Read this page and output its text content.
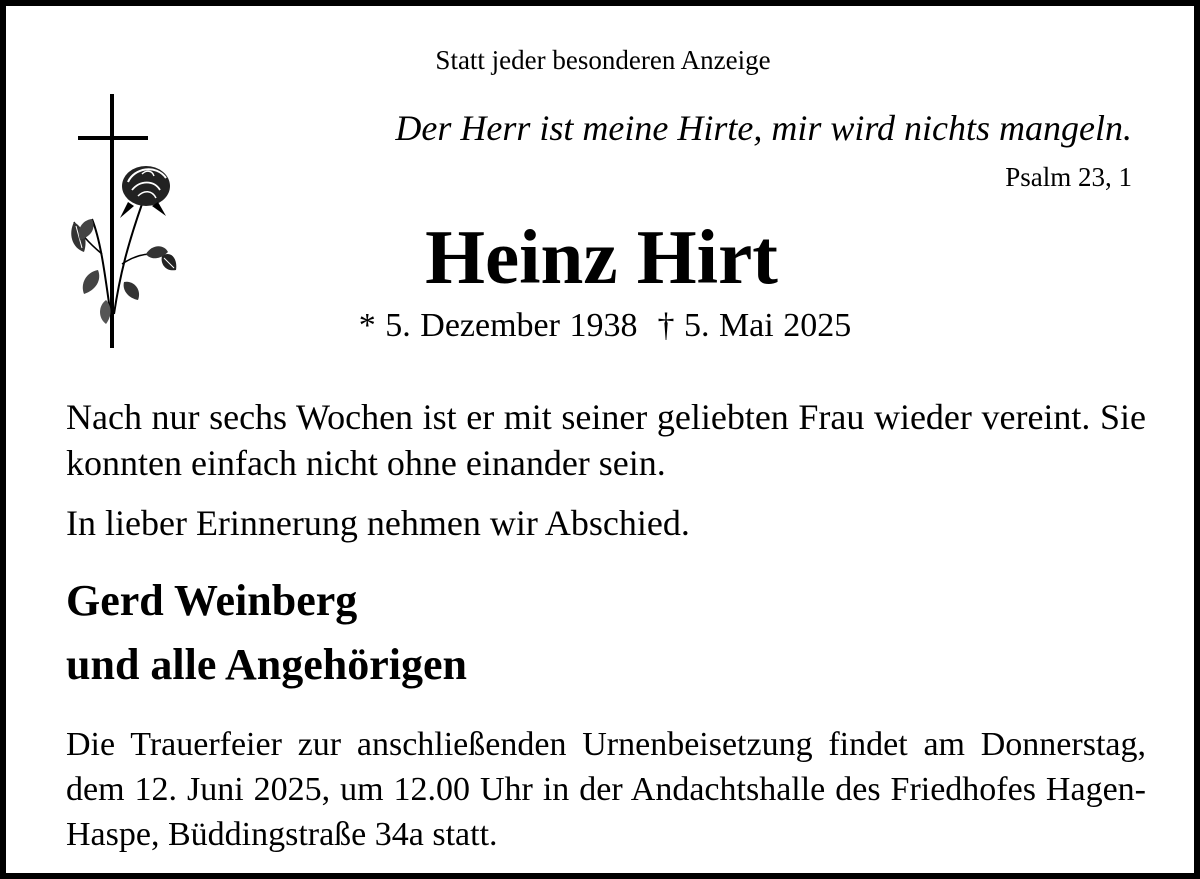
Statt jeder besonderen Anzeige
Der Herr ist meine Hirte, mir wird nichts mangeln.
Psalm 23, 1
Heinz Hirt
* 5. Dezember 1938 † 5. Mai 2025
Nach nur sechs Wochen ist er mit seiner geliebten Frau wieder vereint. Sie konnten einfach nicht ohne einander sein.
In lieber Erinnerung nehmen wir Abschied.
Gerd Weinberg
und alle Angehörigen
Die Trauerfeier zur anschließenden Urnenbeisetzung findet am Donnerstag, dem 12. Juni 2025, um 12.00 Uhr in der Andachtshalle des Friedhofes Hagen-Haspe, Büddingstraße 34a statt.
